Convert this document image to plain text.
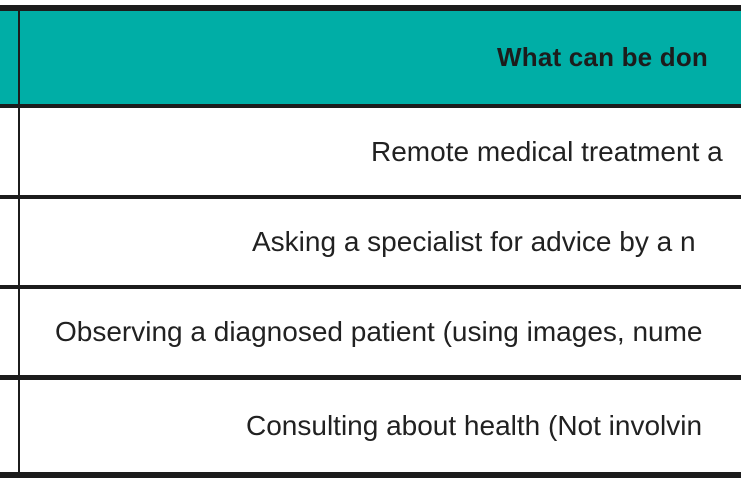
What can be don
Remote medical treatment a
Asking a specialist for advice by a n
Observing a diagnosed patient (using images, nume
Consulting about health (Not involvin
